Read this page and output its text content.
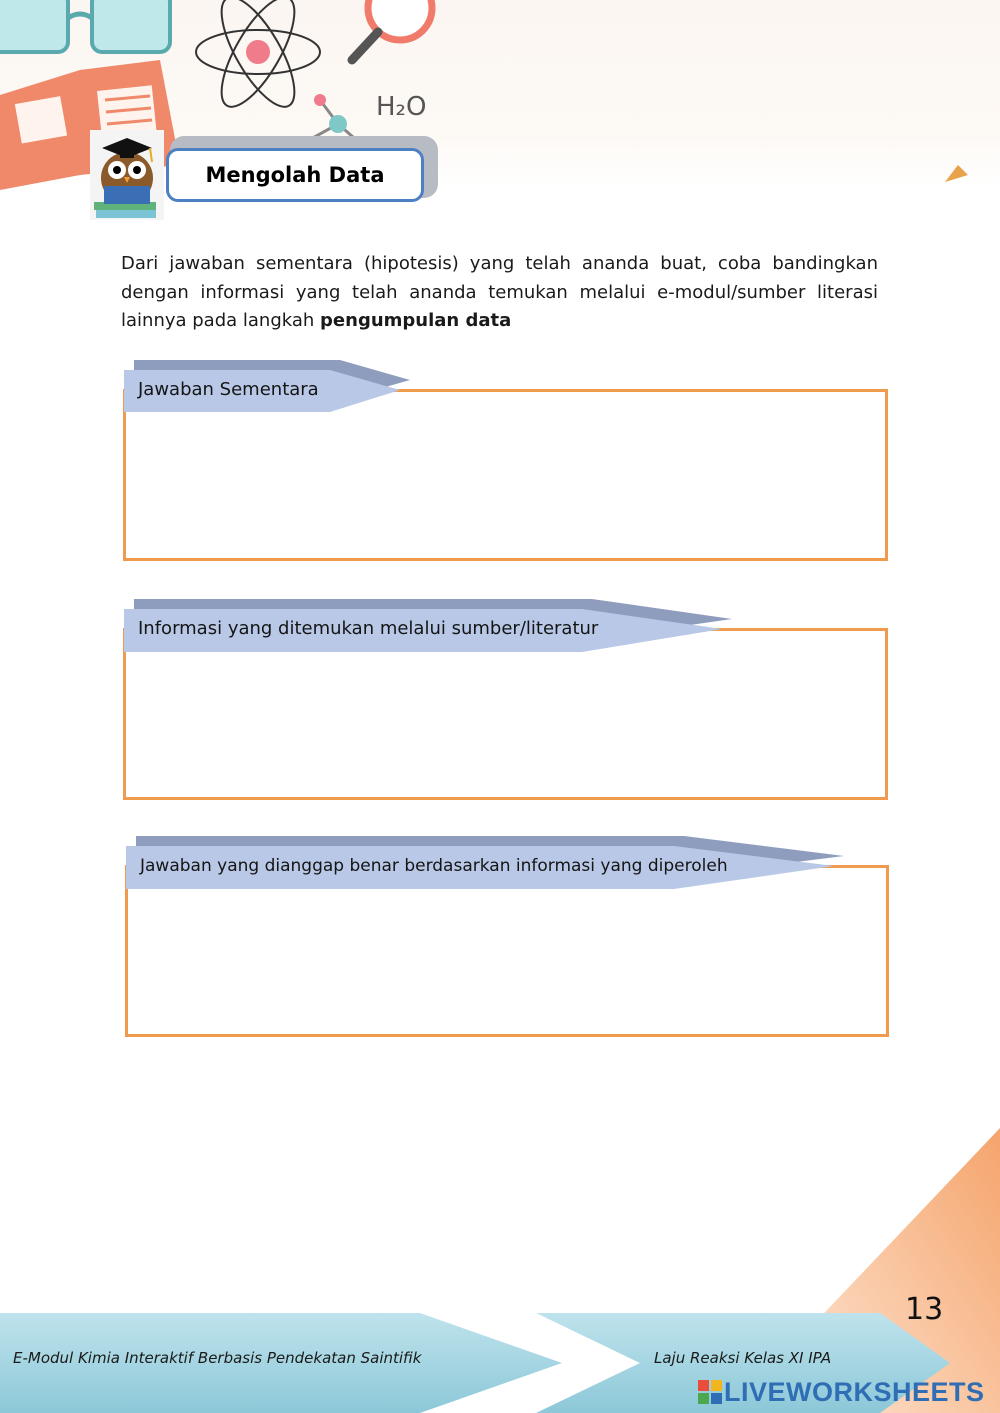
H₂O
Mengolah Data
Dari jawaban sementara (hipotesis) yang telah ananda buat, coba bandingkan dengan informasi yang telah ananda temukan melalui e-modul/sumber literasi lainnya pada langkah pengumpulan data
Jawaban Sementara
Informasi yang ditemukan melalui sumber/literatur
Jawaban yang dianggap benar berdasarkan informasi yang diperoleh
E-Modul Kimia Interaktif Berbasis Pendekatan Saintifik	Laju Reaksi Kelas XI IPA
13
LIVEWORKSHEETS
